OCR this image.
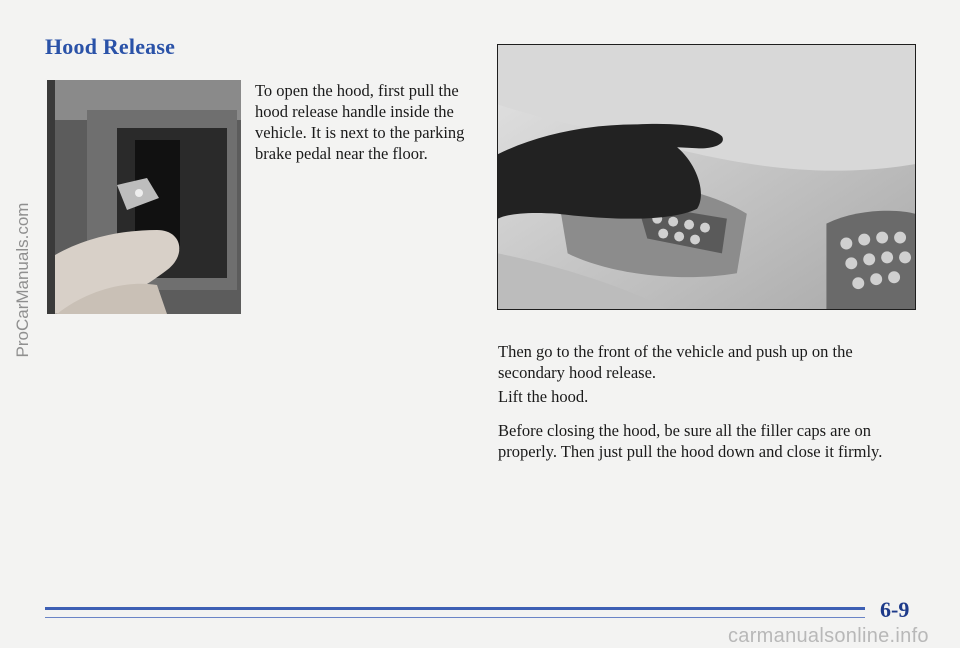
Hood Release
ProCarManuals.com

To open the hood, first pull the hood release handle inside the vehicle. It is next to the parking brake pedal near the floor.

Then go to the front of the vehicle and push up on the secondary hood release.

Lift the hood.

Before closing the hood, be sure all the filler caps are on properly. Then just pull the hood down and close it firmly.

6-9
carmanualsonline.info
